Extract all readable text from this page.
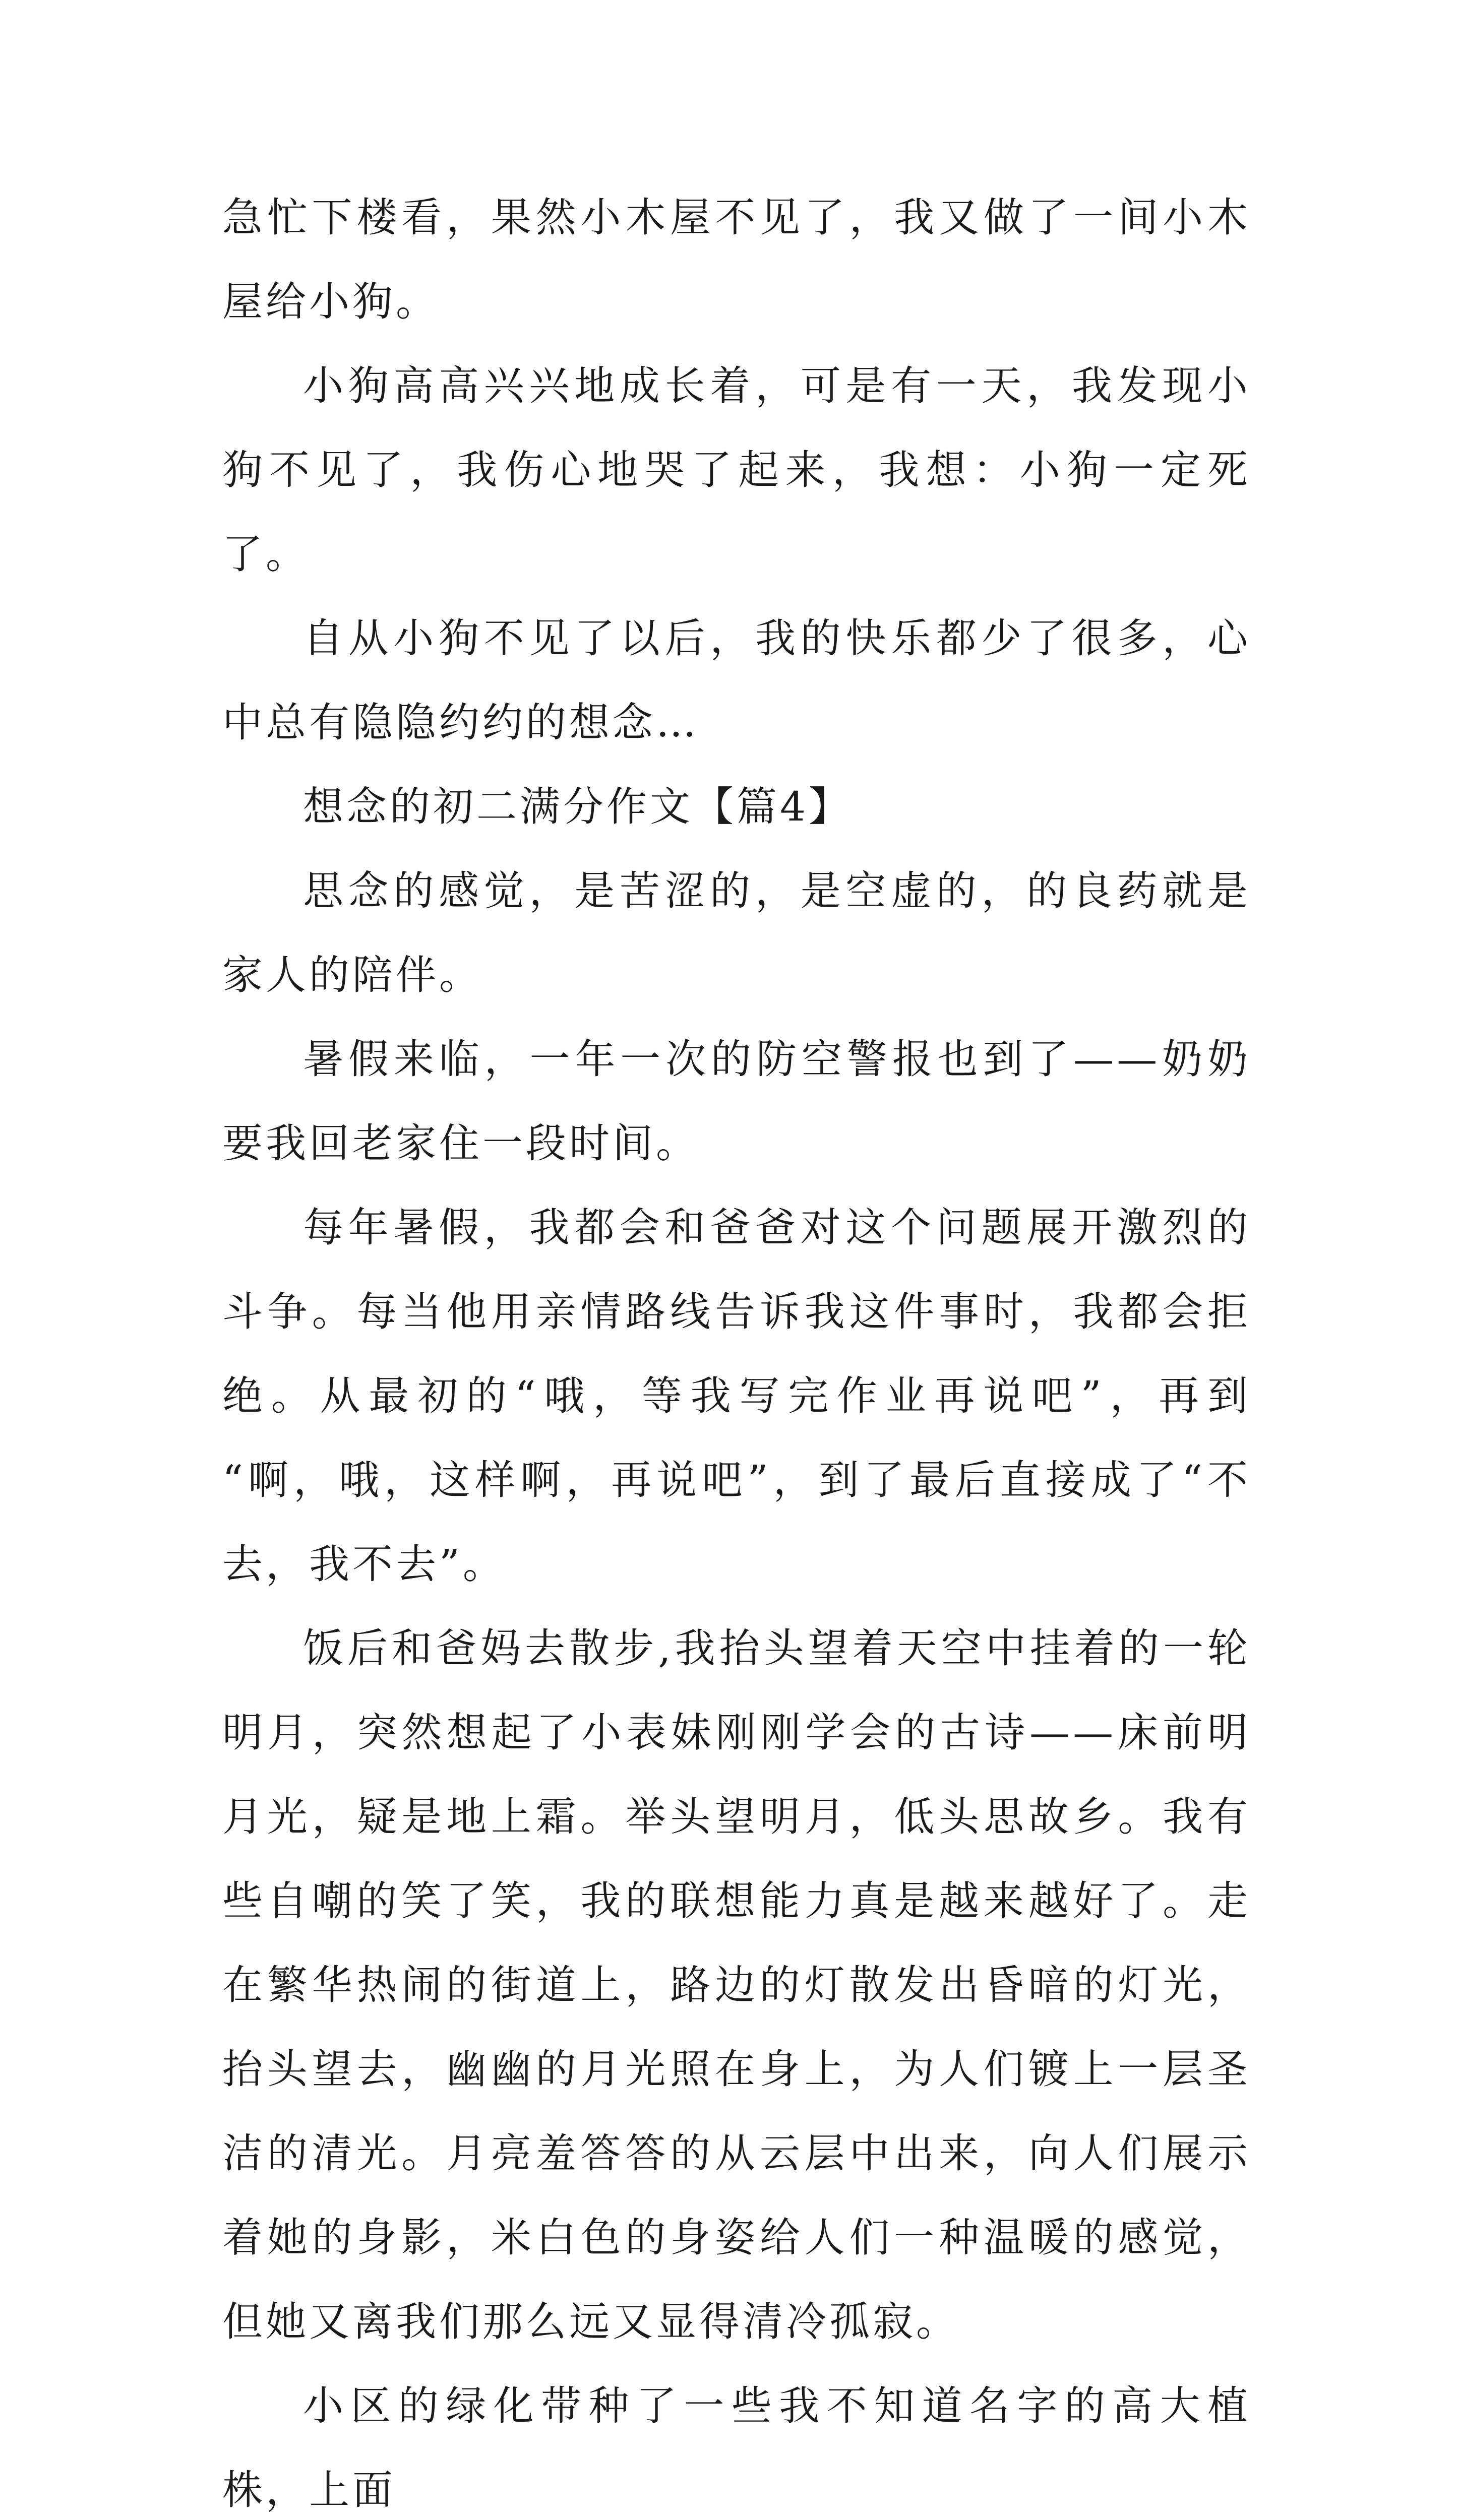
急忙下楼看，果然小木屋不见了，我又做了一间小木屋给小狗。

小狗高高兴兴地成长着，可是有一天，我发现小狗不见了，我伤心地哭了起来，我想：小狗一定死了。

自从小狗不见了以后，我的快乐都少了很多，心中总有隐隐约约的想念…

想念的初二满分作文【篇4】

思念的感觉，是苦涩的，是空虚的，的良药就是家人的陪伴。

暑假来临，一年一次的防空警报也到了——奶奶要我回老家住一段时间。

每年暑假，我都会和爸爸对这个问题展开激烈的斗争。每当他用亲情路线告诉我这件事时，我都会拒绝。从最初的“哦，等我写完作业再说吧”，再到 “啊，哦，这样啊，再说吧”，到了最后直接成了“不去，我不去”。

饭后和爸妈去散步,我抬头望着天空中挂着的一轮明月，突然想起了小表妹刚刚学会的古诗——床前明月光，疑是地上霜。举头望明月，低头思故乡。我有些自嘲的笑了笑，我的联想能力真是越来越好了。走在繁华热闹的街道上，路边的灯散发出昏暗的灯光，抬头望去，幽幽的月光照在身上，为人们镀上一层圣洁的清光。月亮羞答答的从云层中出来，向人们展示着她的身影，米白色的身姿给人们一种温暖的感觉，但她又离我们那么远又显得清冷孤寂。

小区的绿化带种了一些我不知道名字的高大植株，上面
